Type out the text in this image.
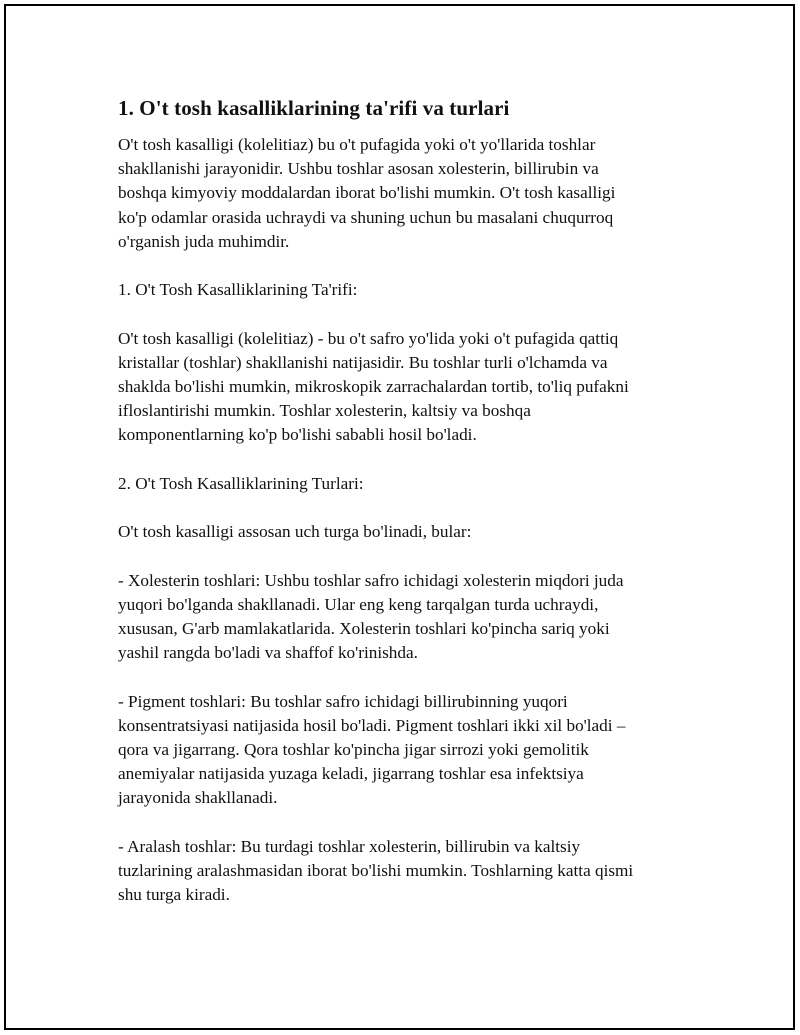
1. O't tosh kasalliklarining ta'rifi va turlari

O't tosh kasalligi (kolelitiaz) bu o't pufagida yoki o't yo'llarida toshlar
shakllanishi jarayonidir. Ushbu toshlar asosan xolesterin, billirubin va
boshqa kimyoviy moddalardan iborat bo'lishi mumkin. O't tosh kasalligi
ko'p odamlar orasida uchraydi va shuning uchun bu masalani chuqurroq
o'rganish juda muhimdir.

1. O't Tosh Kasalliklarining Ta'rifi:

O't tosh kasalligi (kolelitiaz) - bu o't safro yo'lida yoki o't pufagida qattiq
kristallar (toshlar) shakllanishi natijasidir. Bu toshlar turli o'lchamda va
shaklda bo'lishi mumkin, mikroskopik zarrachalardan tortib, to'liq pufakni
ifloslantirishi mumkin. Toshlar xolesterin, kaltsiy va boshqa
komponentlarning ko'p bo'lishi sababli hosil bo'ladi.

2. O't Tosh Kasalliklarining Turlari:

O't tosh kasalligi assosan uch turga bo'linadi, bular:

- Xolesterin toshlari: Ushbu toshlar safro ichidagi xolesterin miqdori juda
yuqori bo'lganda shakllanadi. Ular eng keng tarqalgan turda uchraydi,
xususan, G'arb mamlakatlarida. Xolesterin toshlari ko'pincha sariq yoki
yashil rangda bo'ladi va shaffof ko'rinishda.

- Pigment toshlari: Bu toshlar safro ichidagi billirubinning yuqori
konsentratsiyasi natijasida hosil bo'ladi. Pigment toshlari ikki xil bo'ladi –
qora va jigarrang. Qora toshlar ko'pincha jigar sirrozi yoki gemolitik
anemiyalar natijasida yuzaga keladi, jigarrang toshlar esa infektsiya
jarayonida shakllanadi.

- Aralash toshlar: Bu turdagi toshlar xolesterin, billirubin va kaltsiy
tuzlarining aralashmasidan iborat bo'lishi mumkin. Toshlarning katta qismi
shu turga kiradi.
